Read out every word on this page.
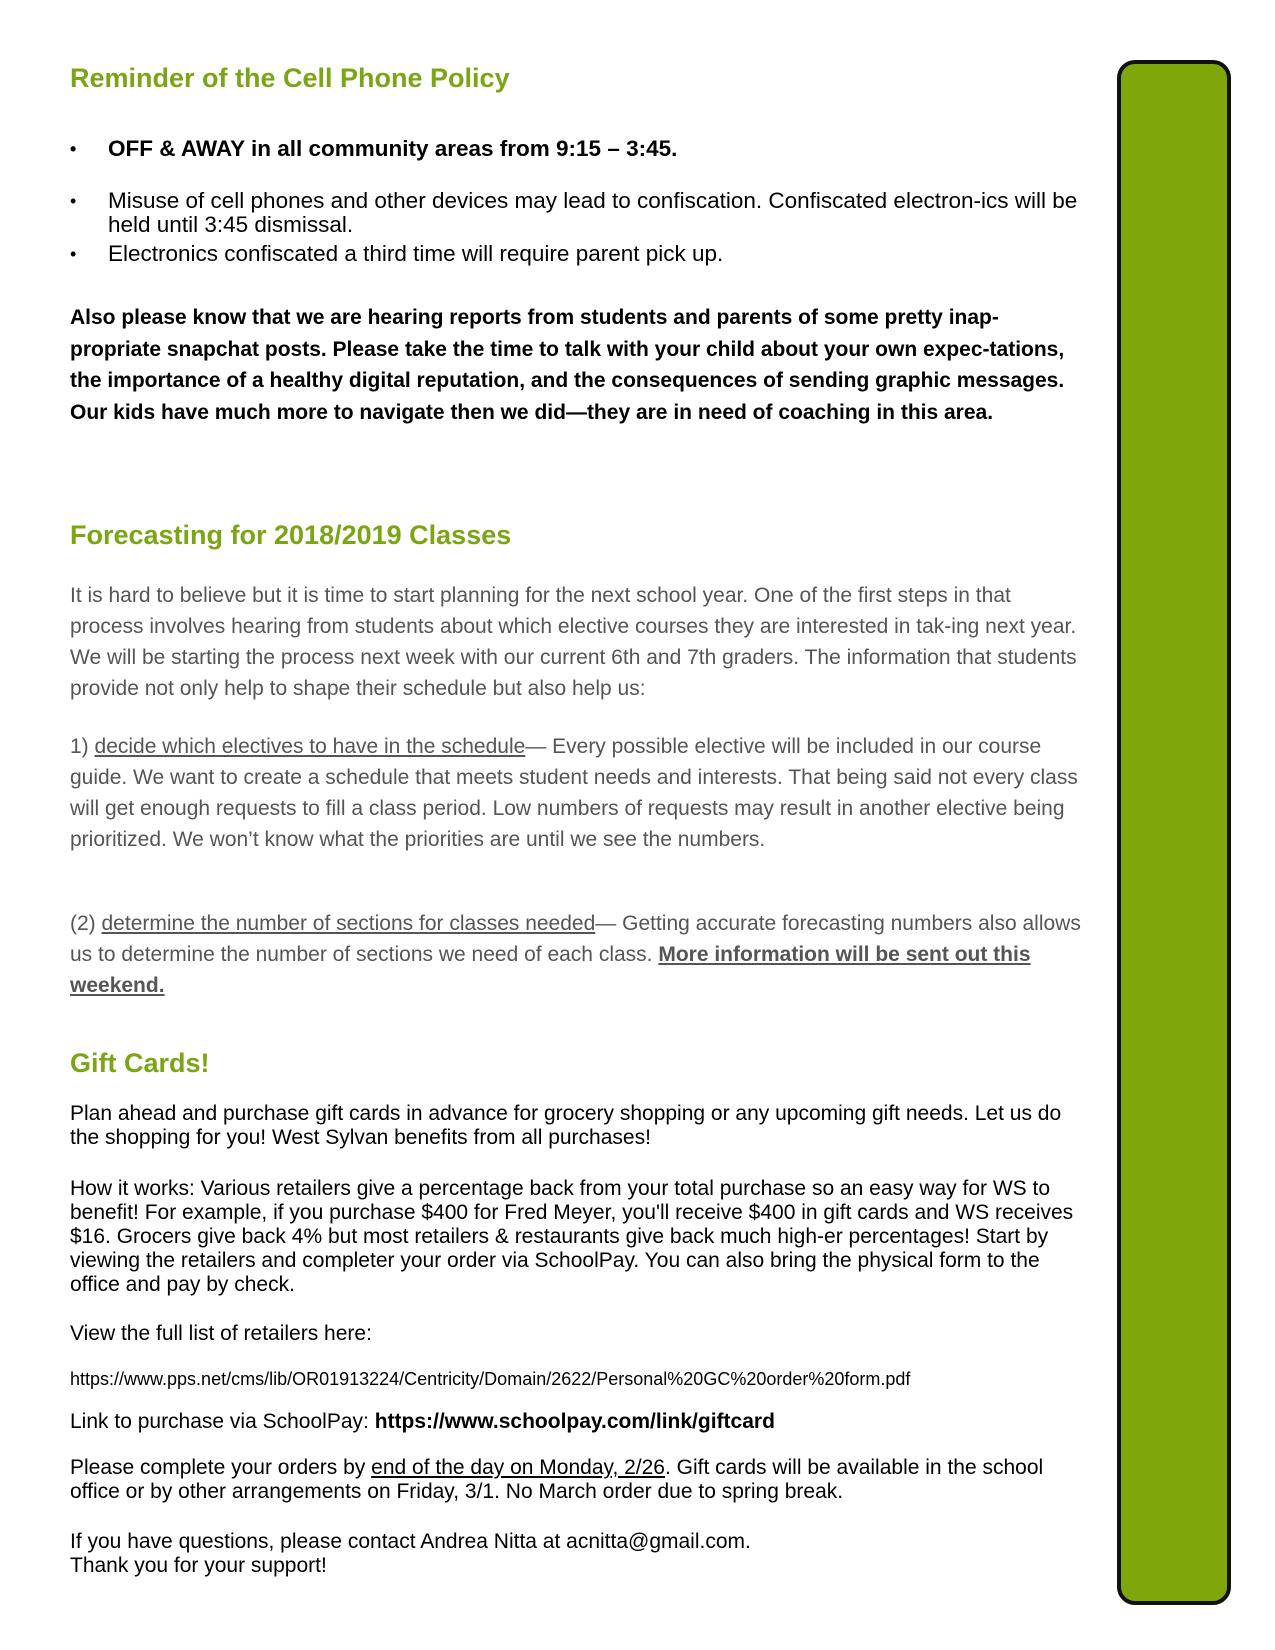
Reminder of the Cell Phone Policy
• OFF & AWAY in all community areas from 9:15 – 3:45.
• Misuse of cell phones and other devices may lead to confiscation. Confiscated electron-ics will be held until 3:45 dismissal.
• Electronics confiscated a third time will require parent pick up.

Also please know that we are hearing reports from students and parents of some pretty inap-propriate snapchat posts. Please take the time to talk with your child about your own expec-tations, the importance of a healthy digital reputation, and the consequences of sending graphic messages. Our kids have much more to navigate then we did—they are in need of coaching in this area.

Forecasting for 2018/2019 Classes

It is hard to believe but it is time to start planning for the next school year. One of the first steps in that process involves hearing from students about which elective courses they are interested in tak-ing next year. We will be starting the process next week with our current 6th and 7th graders. The information that students provide not only help to shape their schedule but also help us:

1) decide which electives to have in the schedule— Every possible elective will be included in our course guide. We want to create a schedule that meets student needs and interests. That being said not every class will get enough requests to fill a class period. Low numbers of requests may result in another elective being prioritized. We won’t know what the priorities are until we see the numbers.

(2) determine the number of sections for classes needed— Getting accurate forecasting numbers also allows us to determine the number of sections we need of each class. More information will be sent out this weekend.

Gift Cards!

Plan ahead and purchase gift cards in advance for grocery shopping or any upcoming gift needs. Let us do the shopping for you! West Sylvan benefits from all purchases!

How it works: Various retailers give a percentage back from your total purchase so an easy way for WS to benefit! For example, if you purchase $400 for Fred Meyer, you'll receive $400 in gift cards and WS receives $16. Grocers give back 4% but most retailers & restaurants give back much high-er percentages! Start by viewing the retailers and completer your order via SchoolPay. You can also bring the physical form to the office and pay by check.

View the full list of retailers here:

https://www.pps.net/cms/lib/OR01913224/Centricity/Domain/2622/Personal%20GC%20order%20form.pdf

Link to purchase via SchoolPay: https://www.schoolpay.com/link/giftcard

Please complete your orders by end of the day on Monday, 2/26. Gift cards will be available in the school office or by other arrangements on Friday, 3/1. No March order due to spring break.

If you have questions, please contact Andrea Nitta at acnitta@gmail.com.
Thank you for your support!
